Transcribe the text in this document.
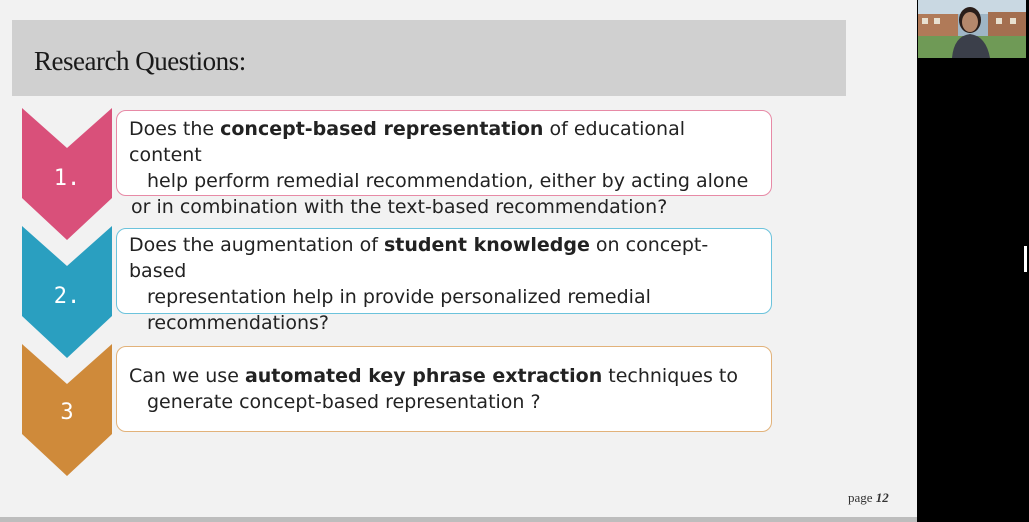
Research Questions:
1.
Does the concept-based representation of educational content
help perform remedial recommendation, either by acting alone
or in combination with the text-based recommendation?
2.
Does the augmentation of student knowledge on concept-based
representation help in provide personalized remedial
recommendations?
3
Can we use automated key phrase extraction techniques to
generate concept-based representation ?
page 12
